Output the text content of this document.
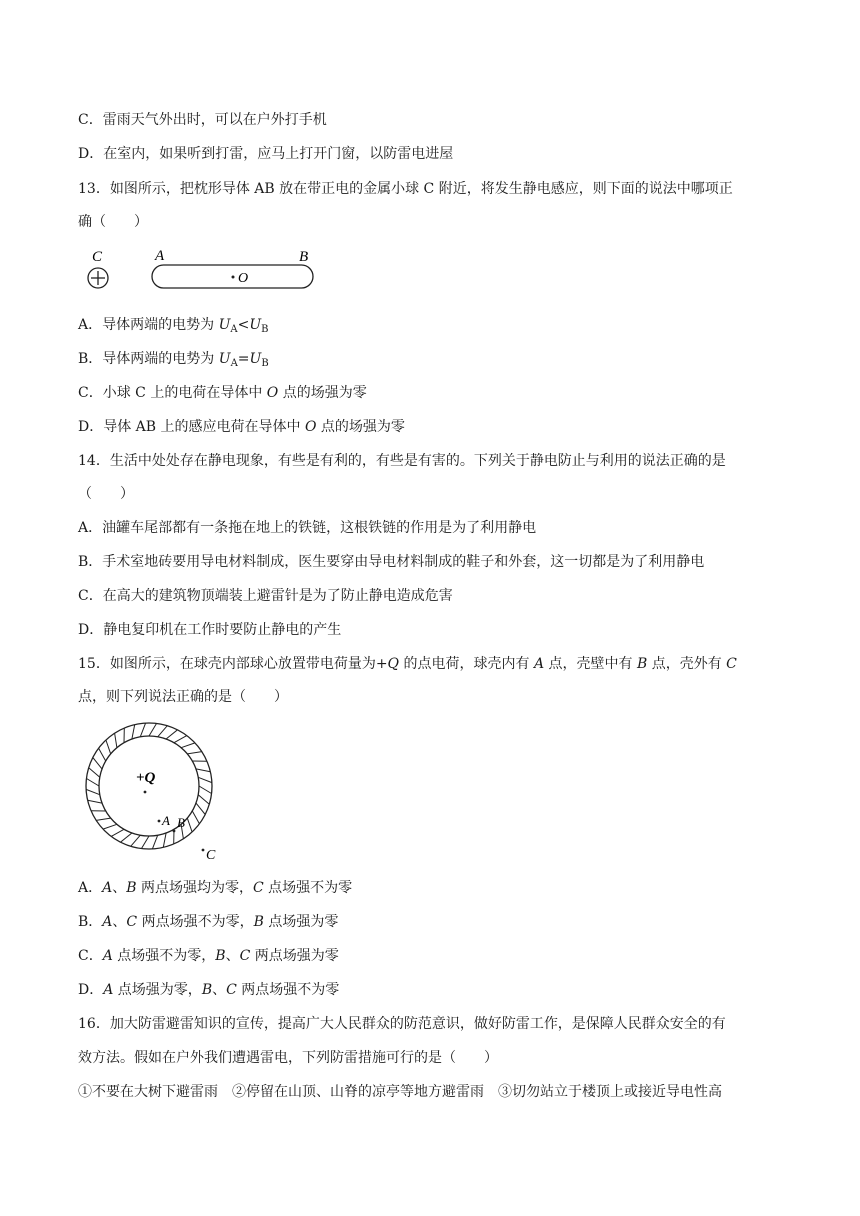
C．雷雨天气外出时，可以在户外打手机
D．在室内，如果听到打雷，应马上打开门窗，以防雷电进屋
13．如图所示，把枕形导体 AB 放在带正电的金属小球 C 附近，将发生静电感应，则下面的说法中哪项正
确（　　）
C	A	B
O
A．导体两端的电势为 $U_A<U_B$
B．导体两端的电势为 $U_A=U_B$
C．小球 C 上的电荷在导体中 O 点的场强为零
D．导体 AB 上的感应电荷在导体中 O 点的场强为零
14．生活中处处存在静电现象，有些是有利的，有些是有害的。下列关于静电防止与利用的说法正确的是
（　　）
A．油罐车尾部都有一条拖在地上的铁链，这根铁链的作用是为了利用静电
B．手术室地砖要用导电材料制成，医生要穿由导电材料制成的鞋子和外套，这一切都是为了利用静电
C．在高大的建筑物顶端装上避雷针是为了防止静电造成危害
D．静电复印机在工作时要防止静电的产生
15．如图所示，在球壳内部球心放置带电荷量为+Q 的点电荷，球壳内有 A 点，壳壁中有 B 点，壳外有 C
点，则下列说法正确的是（　　）
+Q
A B
C
A．A、B 两点场强均为零，C 点场强不为零
B．A、C 两点场强不为零，B 点场强为零
C．A 点场强不为零，B、C 两点场强为零
D．A 点场强为零，B、C 两点场强不为零
16．加大防雷避雷知识的宣传，提高广大人民群众的防范意识，做好防雷工作，是保障人民群众安全的有
效方法。假如在户外我们遭遇雷电，下列防雷措施可行的是（　　）
①不要在大树下避雷雨　②停留在山顶、山脊的凉亭等地方避雷雨　③切勿站立于楼顶上或接近导电性高
